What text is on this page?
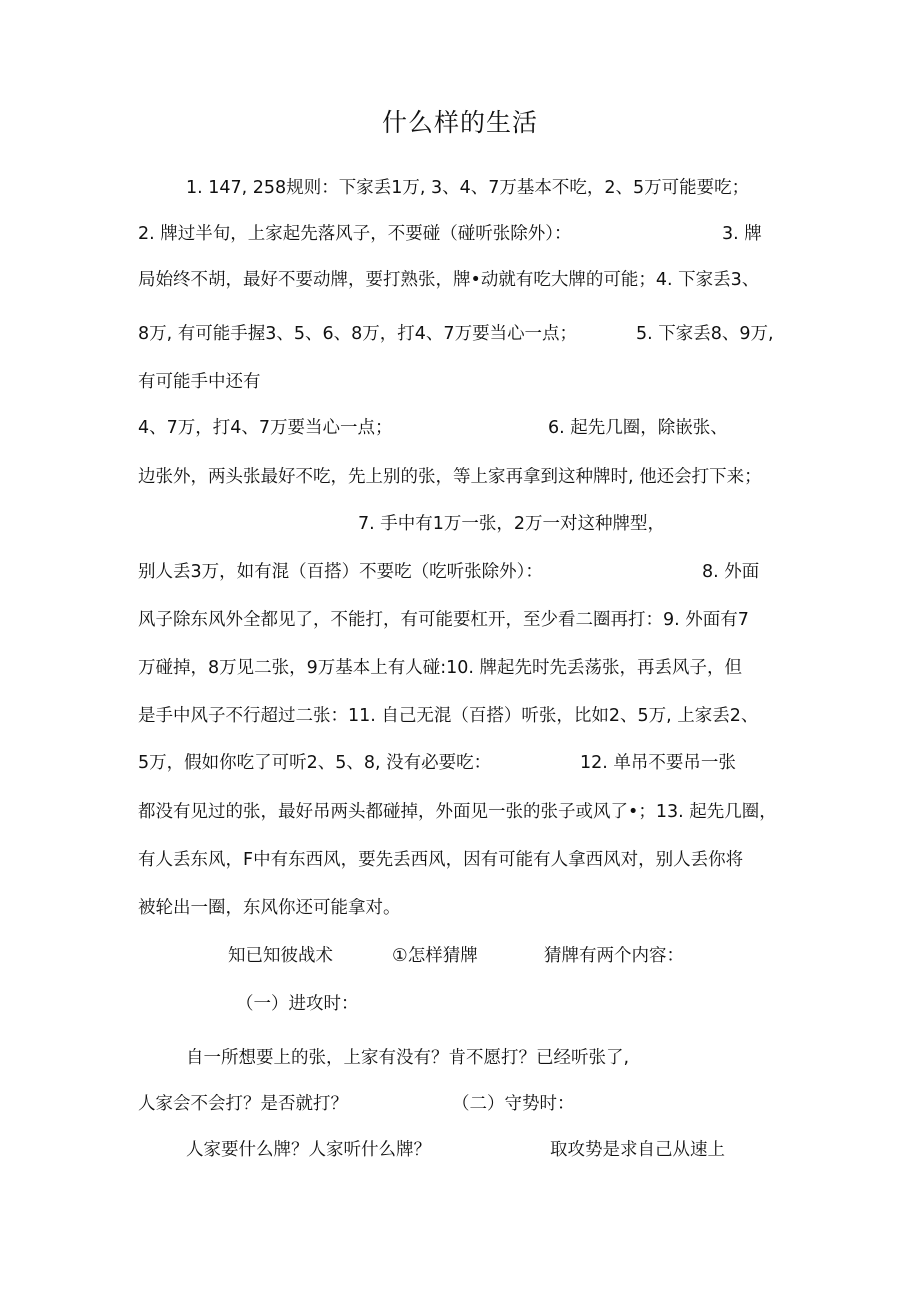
什么样的生活
1. 147, 258规则：下家丢1万, 3、4、7万基本不吃，2、5万可能要吃；
2. 牌过半旬，上家起先落风子，不要碰（碰听张除外）：	3. 牌
局始终不胡，最好不要动牌，要打熟张，牌•动就有吃大牌的可能；4. 下家丢3、
8万, 有可能手握3、5、6、8万，打4、7万要当心一点；	5. 下家丢8、9万,
有可能手中还有
4、7万，打4、7万要当心一点；	6. 起先几圈，除嵌张、
边张外，两头张最好不吃，先上别的张，等上家再拿到这种牌时, 他还会打下来；
7. 手中有1万一张，2万一对这种牌型，
别人丢3万，如有混（百搭）不要吃（吃听张除外）：	8. 外面
风子除东风外全都见了，不能打，有可能要杠开，至少看二圈再打：9. 外面有7
万碰掉，8万见二张，9万基本上有人碰:10. 牌起先时先丢荡张，再丢风子，但
是手中风子不行超过二张：11. 自己无混（百搭）听张，比如2、5万, 上家丢2、
5万，假如你吃了可听2、5、8, 没有必要吃：	12. 单吊不要吊一张
都没有见过的张，最好吊两头都碰掉，外面见一张的张子或风了•；13. 起先几圈，
有人丢东风，F中有东西风，要先丢西风，因有可能有人拿西风对，别人丢你将
被轮出一圈，东风你还可能拿对。
知已知彼战术	①怎样猜牌	猜牌有两个内容：
（一）进攻时：
自一所想要上的张，上家有没有？肯不愿打？已经听张了,
人家会不会打？是否就打？	（二）守势时：
人家要什么牌？人家听什么牌？	取攻势是求自己从速上
